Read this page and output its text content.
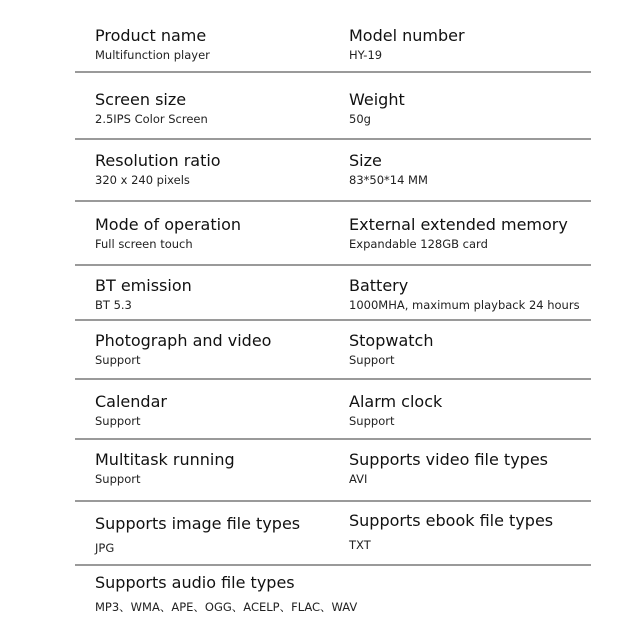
Product name
Multifunction player
Model number
HY-19
Screen size
2.5IPS Color Screen
Weight
50g
Resolution ratio
320 x 240 pixels
Size
83*50*14 MM
Mode of operation
Full screen touch
External extended memory
Expandable 128GB card
BT emission
BT 5.3
Battery
1000MHA, maximum playback 24 hours
Photograph and video
Support
Stopwatch
Support
Calendar
Support
Alarm clock
Support
Multitask running
Support
Supports video file types
AVI
Supports image file types
JPG
Supports ebook file types
TXT
Supports audio file types
MP3、WMA、APE、OGG、ACELP、FLAC、WAV
